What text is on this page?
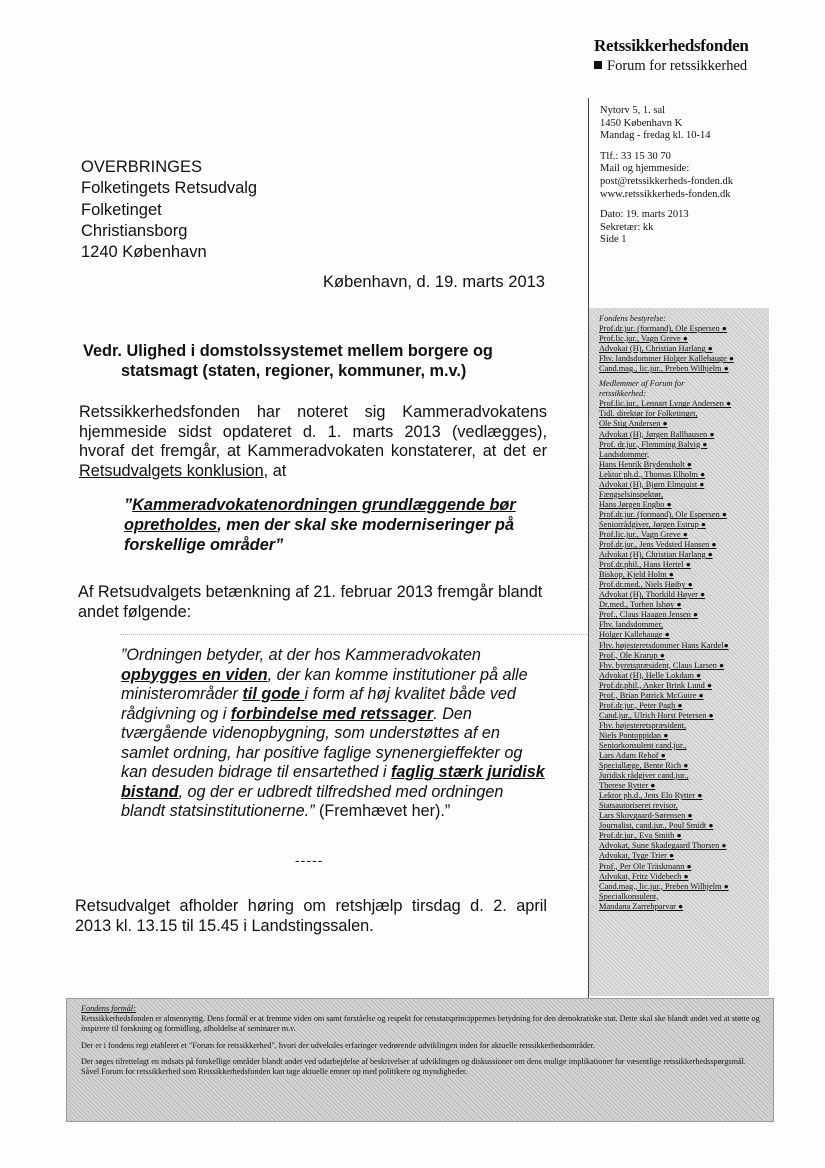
Retssikkerhedsfonden
Forum for retssikkerhed
Nytorv 5, 1. sal
1450 København K
Mandag - fredag kl. 10-14
Tlf.: 33 15 30 70
Mail og hjemmeside:
post@retssikkerheds-fonden.dk
www.retssikkerheds-fonden.dk
Dato: 19. marts 2013
Sekretær: kk
Side 1
Fondens bestyrelse:
Prof.dr.jur. (formand), Ole Espersen ●
Prof.lic.jur., Vagn Greve ●
Advokat (H), Christian Harlang ●
Fhv. landsdommer Holger Kallehauge ●
Cand.mag., lic.jur., Preben Wilhjelm ●
Medlemmer af Forum for
retssikkerhed:
Prof.lic.jur., Lennart Lynge Andersen ●
Tidl. direktør for Folketinget,
Ole Stig Andersen ●
Advokat (H), Jørgen Ballhausen ●
Prof. dr.jur., Flemming Balvig ●
Landsdommer,
Hans Henrik Brydensholt ●
Lektor ph.d., Thomas Elholm ●
Advokat (H), Bjørn Elmquist ●
Fængselsinspektør,
Hans Jørgen Engbo ●
Prof.dr.jur. (formand), Ole Espersen ●
Seniorrådgiver, Jørgen Estrup ●
Prof.lic.jur., Vagn Greve ●
Prof.dr.jur., Jens Vedsted Hansen ●
Advokat (H), Christian Harlang ●
Prof.dr.phil., Hans Hertel ●
Biskop, Kjeld Holm ●
Prof.dr.med., Niels Høiby ●
Advokat (H), Thorkild Høyer ●
Dr.med., Torben Ishøy ●
Prof., Claus Haagen Jensen ●
Fhv. landsdommer,
Holger Kallehauge ●
Fhv. højesteretsdommer Hans Kardel●
Prof., Ole Krarup ●
Fhv. byretspræsident, Claus Larsen ●
Advokat (H), Helle Lokdam ●
Prof.dr.phil., Anker Brink Lund ●
Prof., Brian Patrick McGuire ●
Prof.dr.jur., Peter Pagh ●
Cand.jur., Ulrich Horst Petersen ●
Fhv. højesteretspræsident,
Niels Pontoppidan ●
Seniorkonsulent cand.jur.,
Lars Adam Rehof ●
Speciallæge, Bente Rich ●
Juridisk rådgiver cand.jur.,
Therese Rytter ●
Lektor ph.d., Jens Elo Rytter ●
Statsautoriseret revisor,
Lars Skovgaard-Sørensen ●
Journalist, cand.jur., Poul Smidt ●
Prof.dr.jur., Eva Smith ●
Advokat, Sune Skadegaard Thorsen ●
Advokat, Tyge Trier ●
Prof., Per Ole Träskmann ●
Advokat, Fritz Videbech ●
Cand.mag., lic.jur., Preben Wilhjelm ●
Specialkonsulent,
Mandana Zarrehparvar ●
OVERBRINGES
Folketingets Retsudvalg
Folketinget
Christiansborg
1240 København
København, d. 19. marts 2013
Vedr. Ulighed i domstolssystemet mellem borgere og
statsmagt (staten, regioner, kommuner, m.v.)
Retssikkerhedsfonden har noteret sig Kammeradvokatens hjemmeside sidst opdateret d. 1. marts 2013 (vedlægges), hvoraf det fremgår, at Kammeradvokaten konstaterer, at det er Retsudvalgets konklusion, at
”Kammeradvokatenordningen grundlæggende bør opretholdes, men der skal ske moderniseringer på forskellige områder”
Af Retsudvalgets betænkning af 21. februar 2013 fremgår blandt andet følgende:
”Ordningen betyder, at der hos Kammeradvokaten opbygges en viden, der kan komme institutioner på alle ministerområder til gode i form af høj kvalitet både ved rådgivning og i forbindelse med retssager. Den tværgående videnopbygning, som understøttes af en samlet ordning, har positive faglige synenergieffekter og kan desuden bidrage til ensartethed i faglig stærk juridisk bistand, og der er udbredt tilfredshed med ordningen blandt statsinstitutionerne.” (Fremhævet her).”
-----
Retsudvalget afholder høring om retshjælp tirsdag d. 2. april 2013 kl. 13.15 til 15.45 i Landstingssalen.

Fondens formål:

Retssikkerhedsfonden er almennyttig. Dens formål er at fremme viden om samt forståelse og respekt for retsstatsprincippernes betydning for den demokratiske stat. Dette skal ske blandt andet ved at støtte og inspirere til forskning og formidling, afholdelse af seminarer m.v.

Der er i fondens regi etableret et "Forum for retssikkerhed", hvori der udveksles erfaringer vedrørende udviklingen inden for aktuelle retssikkerhedsområder.

Der søges tilrettelagt en indsats på forskellige områder blandt andet ved udarbejdelse af beskrivelser af udviklingen og diskussioner om dens mulige implikationer for væsentlige retssikkerhedsspørgsmål. Såvel Forum for retssikkerhed som Retssikkerhedsfonden kan tage aktuelle emner op med politikere og myndigheder.
